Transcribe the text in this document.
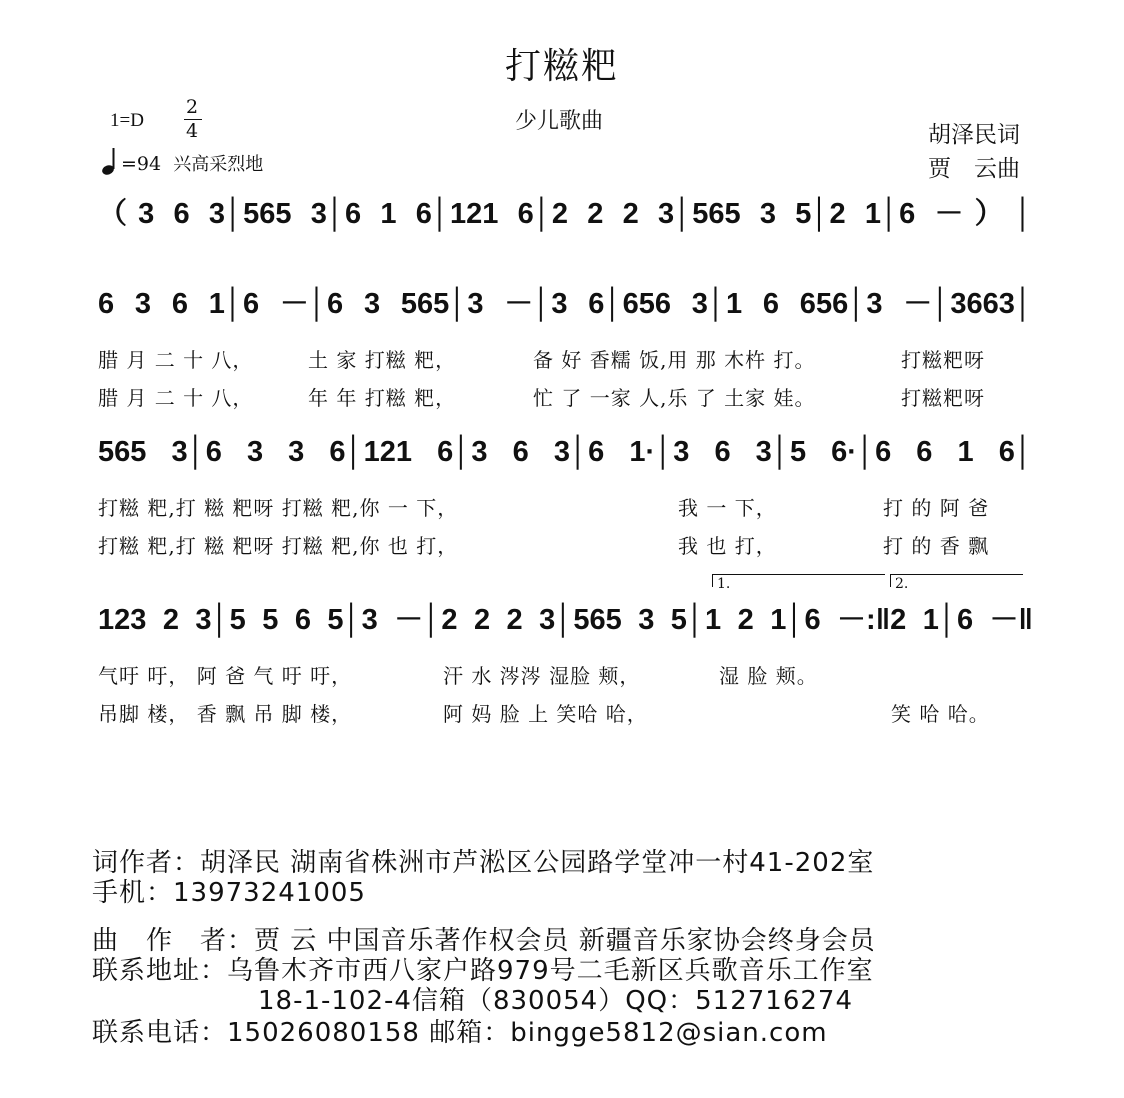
打糍粑
少儿歌曲
1=D
2
4
=94 兴高采烈地
胡泽民词
贾　云曲
（3 6 3│565 3│6 1 6│121 6│2 2 2 3│565 3 5│2 1│6 －）│
6 3 6 1│6 －│6 3 565│3 －│3 6│656 3│1 6 656│3 －│3663│
腊 月 二 十 八，	土 家 打糍 粑，	备 好 香糯 饭,用 那 木杵 打。	打糍粑呀
腊 月 二 十 八，	年 年 打糍 粑，	忙 了 一家 人,乐 了 土家 娃。	打糍粑呀
565 3│6 3 3 6│121 6│3 6 3│6 1·│3 6 3│5 6·│6 6 1 6│
打糍 粑,打 糍 粑呀 打糍 粑,你 一 下，	我 一 下，	打 的 阿 爸
打糍 粑,打 糍 粑呀 打糍 粑,你 也 打，	我 也 打，	打 的 香 飘
1.	2.
123 2 3│5 5 6 5│3 －│2 2 2 3│565 3 5│1 2 1│6 －:‖2 1│6 －‖
气吁 吁， 阿 爸 气 吁 吁，	汗 水 涔涔 湿脸 颊，	湿 脸 颊。
吊脚 楼， 香 飘 吊 脚 楼，	阿 妈 脸 上 笑哈 哈，	笑 哈 哈。
词作者：胡泽民 湖南省株洲市芦淞区公园路学堂冲一村41-202室
手机：13973241005
曲　作　者：贾 云 中国音乐著作权会员 新疆音乐家协会终身会员
联系地址：乌鲁木齐市西八家户路979号二毛新区兵歌音乐工作室
18-1-102-4信箱（830054）QQ：512716274
联系电话：15026080158 邮箱：bingge5812@sian.com
